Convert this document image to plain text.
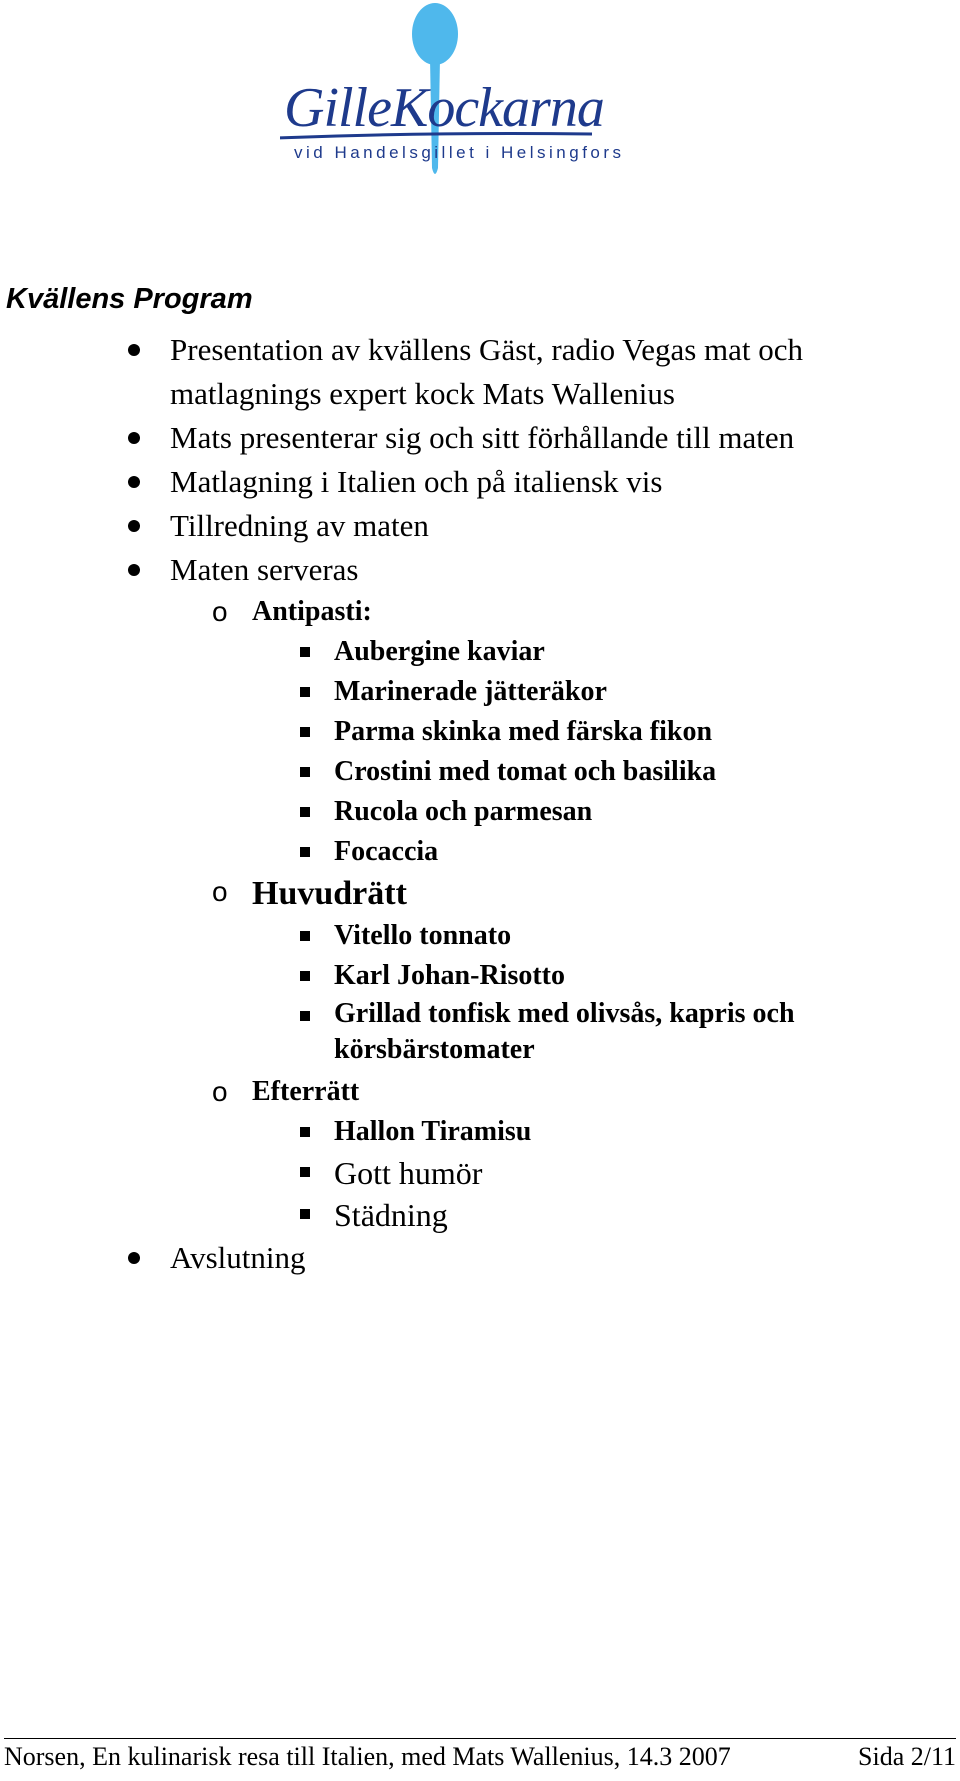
GilleKockarna
vid Handelsgillet i Helsingfors
Kvällens Program
Presentation av kvällens Gäst, radio Vegas mat och matlagnings expert kock Mats Wallenius
Mats presenterar sig och sitt förhållande till maten
Matlagning i Italien och på italiensk vis
Tillredning av maten
Maten serveras
o Antipasti:
Aubergine kaviar
Marinerade jätteräkor
Parma skinka med färska fikon
Crostini med tomat och basilika
Rucola och parmesan
Focaccia
o Huvudrätt
Vitello tonnato
Karl Johan-Risotto
Grillad tonfisk med olivsås, kapris och körsbärstomater
o Efterrätt
Hallon Tiramisu
Gott humör
Städning
Avslutning
Norsen, En kulinarisk resa till Italien, med Mats Wallenius, 14.3 2007	Sida 2/11
